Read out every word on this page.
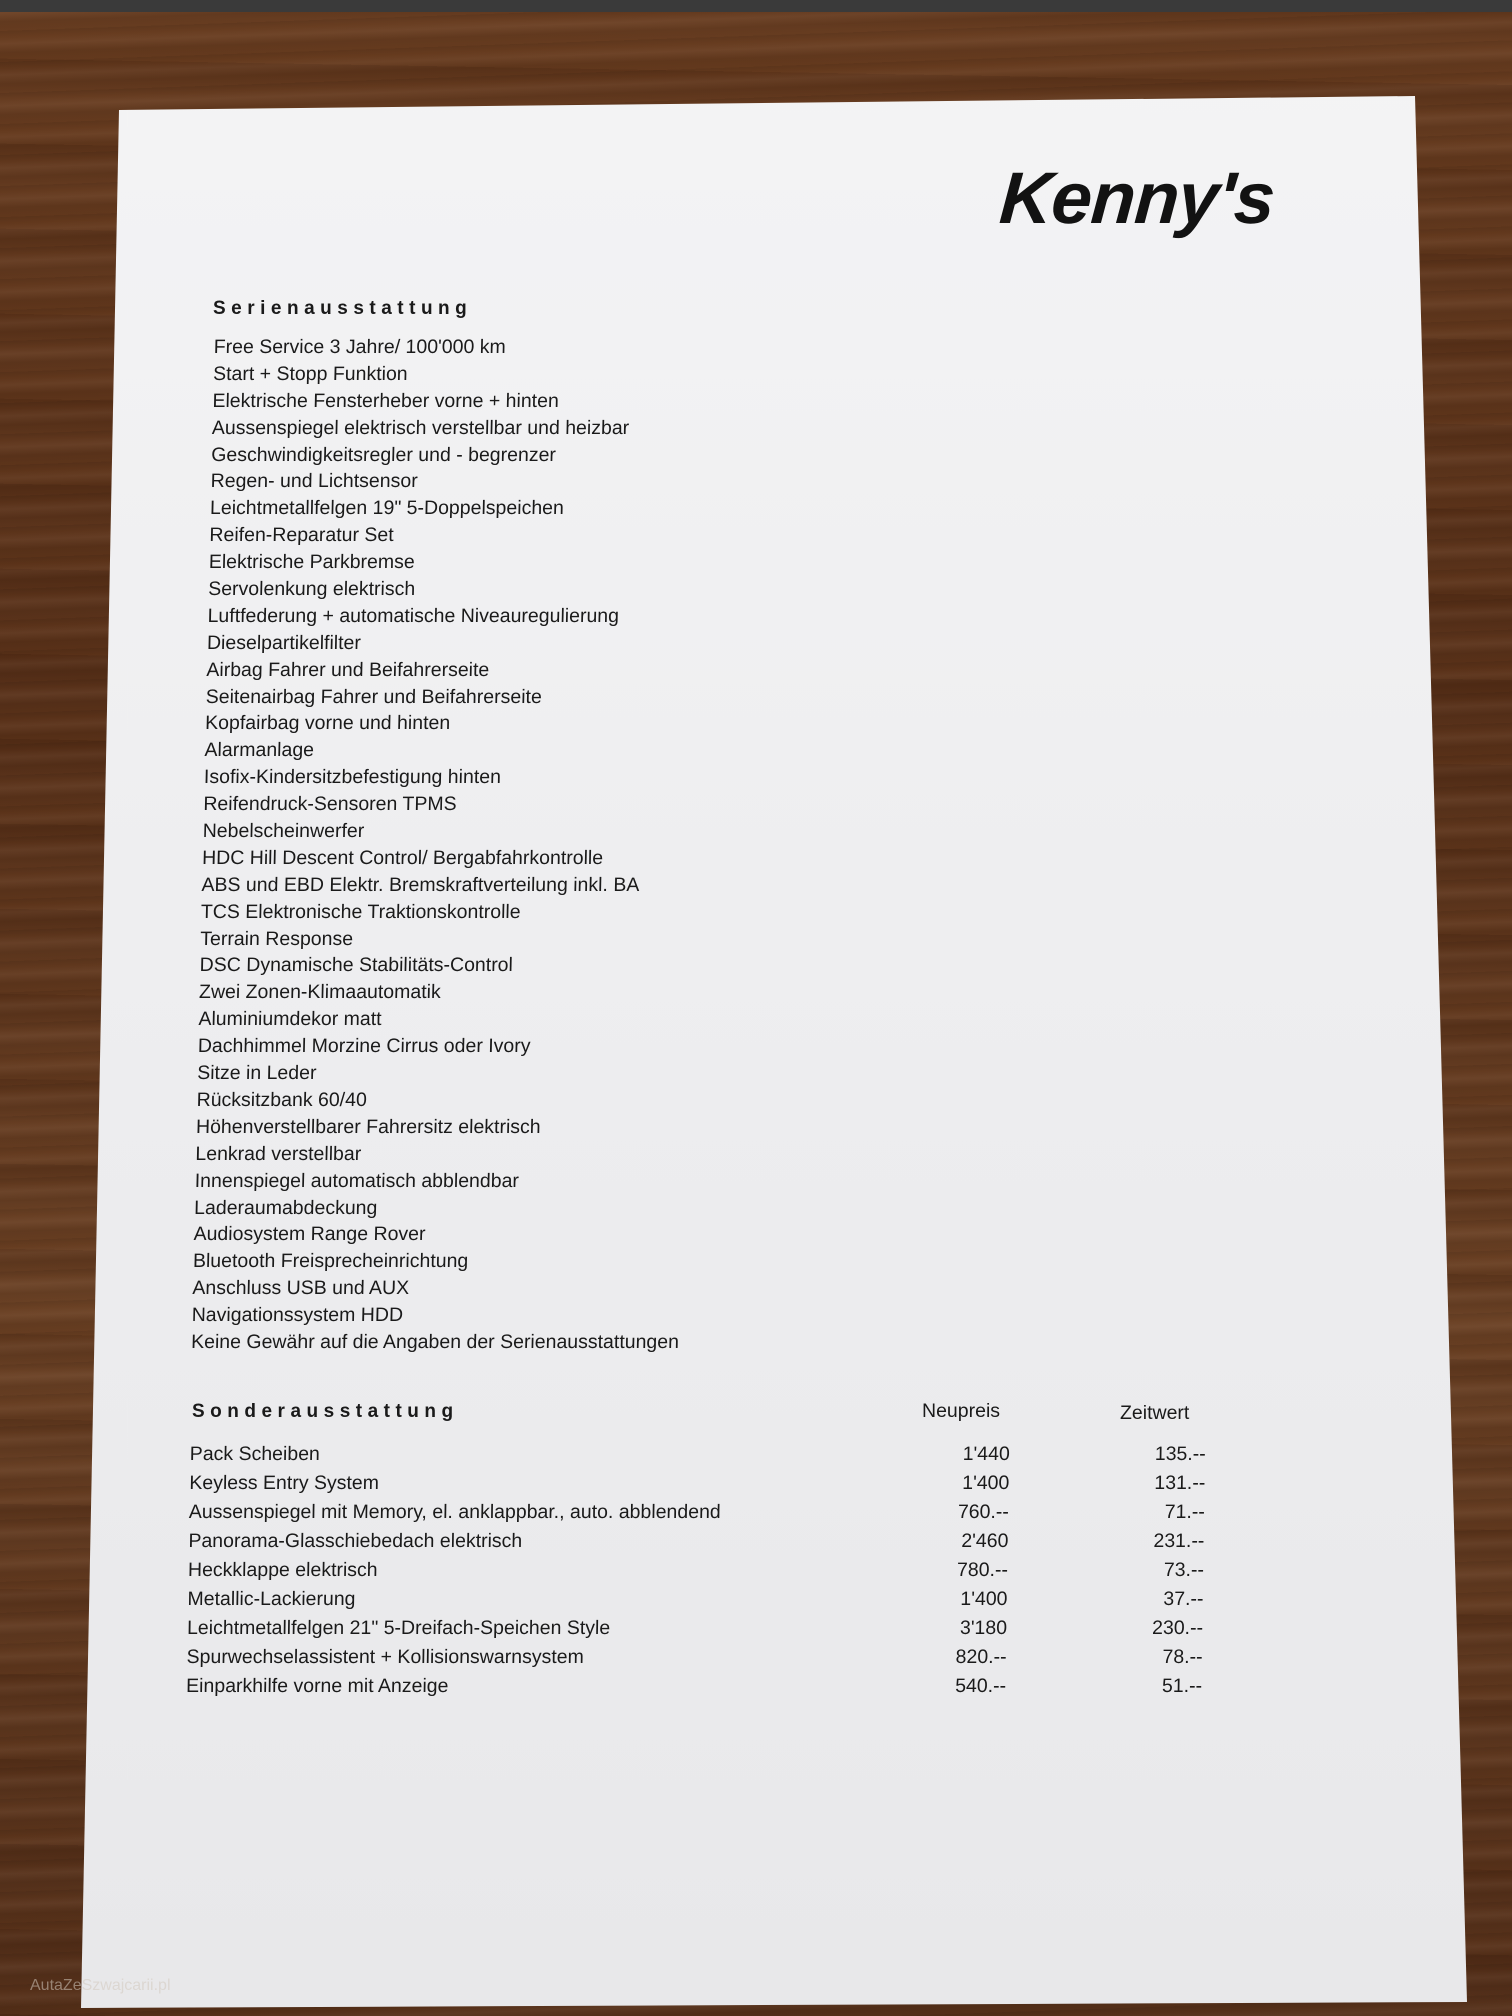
Kenny's
Serienausstattung
Free Service 3 Jahre/ 100'000 km
Start + Stopp Funktion
Elektrische Fensterheber vorne + hinten
Aussenspiegel elektrisch verstellbar und heizbar
Geschwindigkeitsregler und - begrenzer
Regen- und Lichtsensor
Leichtmetallfelgen 19" 5-Doppelspeichen
Reifen-Reparatur Set
Elektrische Parkbremse
Servolenkung elektrisch
Luftfederung + automatische Niveauregulierung
Dieselpartikelfilter
Airbag Fahrer und Beifahrerseite
Seitenairbag Fahrer und Beifahrerseite
Kopfairbag vorne und hinten
Alarmanlage
Isofix-Kindersitzbefestigung hinten
Reifendruck-Sensoren TPMS
Nebelscheinwerfer
HDC Hill Descent Control/ Bergabfahrkontrolle
ABS und EBD Elektr. Bremskraftverteilung inkl. BA
TCS Elektronische Traktionskontrolle
Terrain Response
DSC Dynamische Stabilitäts-Control
Zwei Zonen-Klimaautomatik
Aluminiumdekor matt
Dachhimmel Morzine Cirrus oder Ivory
Sitze in Leder
Rücksitzbank 60/40
Höhenverstellbarer Fahrersitz elektrisch
Lenkrad verstellbar
Innenspiegel automatisch abblendbar
Laderaumabdeckung
Audiosystem Range Rover
Bluetooth Freisprecheinrichtung
Anschluss USB und AUX
Navigationssystem HDD
Keine Gewähr auf die Angaben der Serienausstattungen
Sonderausstattung	Neupreis	Zeitwert
Pack Scheiben	1'440	135.--
Keyless Entry System	1'400	131.--
Aussenspiegel mit Memory, el. anklappbar., auto. abblendend	760.--	71.--
Panorama-Glasschiebedach elektrisch	2'460	231.--
Heckklappe elektrisch	780.--	73.--
Metallic-Lackierung	1'400	37.--
Leichtmetallfelgen 21" 5-Dreifach-Speichen Style	3'180	230.--
Spurwechselassistent + Kollisionswarnsystem	820.--	78.--
Einparkhilfe vorne mit Anzeige	540.--	51.--
AutaZeSzwajcarii.pl
